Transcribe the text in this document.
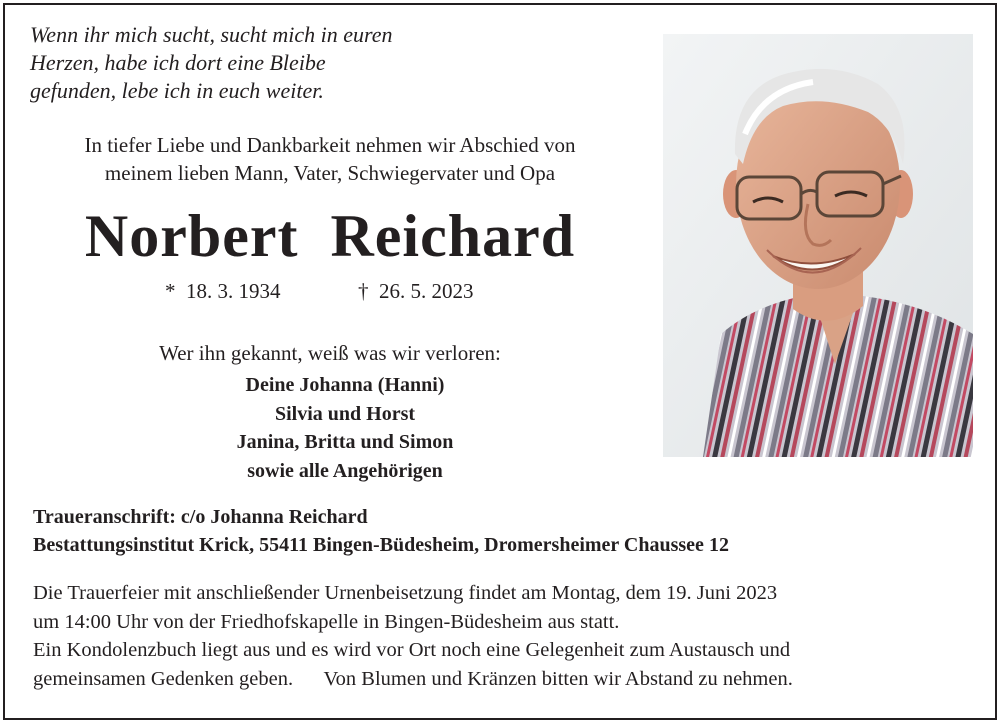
Wenn ihr mich sucht, sucht mich in euren
Herzen, habe ich dort eine Bleibe
gefunden, lebe ich in euch weiter.
In tiefer Liebe und Dankbarkeit nehmen wir Abschied von
meinem lieben Mann, Vater, Schwiegervater und Opa
Norbert  Reichard
*  18. 3. 1934	†  26. 5. 2023
Wer ihn gekannt, weiß was wir verloren:
Deine Johanna (Hanni)
Silvia und Horst
Janina, Britta und Simon
sowie alle Angehörigen
Traueranschrift: c/o Johanna Reichard
Bestattungsinstitut Krick, 55411 Bingen-Büdesheim, Dromersheimer Chaussee 12
Die Trauerfeier mit anschließender Urnenbeisetzung findet am Montag, dem 19. Juni 2023
um 14:00 Uhr von der Friedhofskapelle in Bingen-Büdesheim aus statt.
Ein Kondolenzbuch liegt aus und es wird vor Ort noch eine Gelegenheit zum Austausch und
gemeinsamen Gedenken geben.      Von Blumen und Kränzen bitten wir Abstand zu nehmen.
